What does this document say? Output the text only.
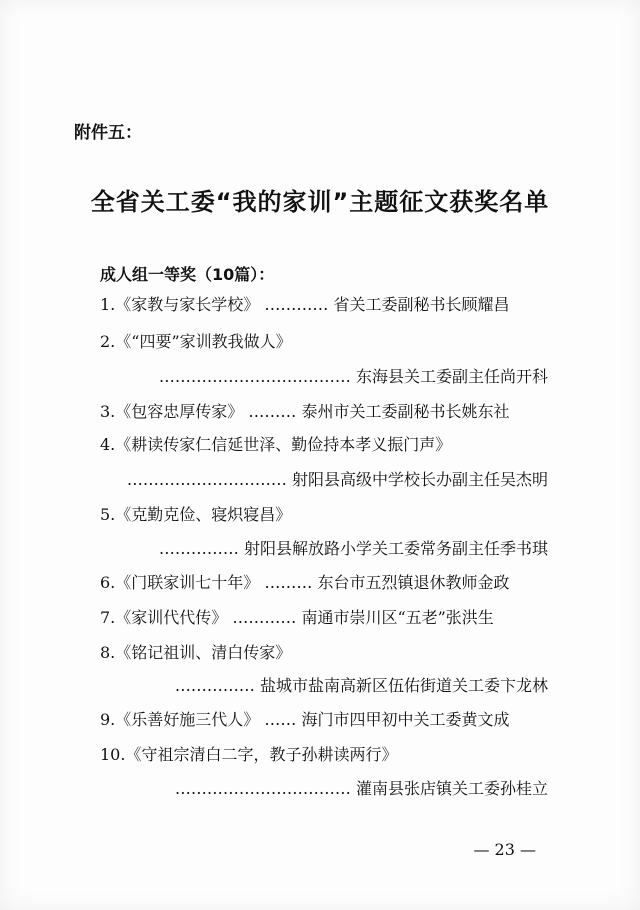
附件五：
全省关工委“我的家训”主题征文获奖名单
成人组一等奖（10篇）：
1.《家教与家长学校》 ………… 省关工委副秘书长顾耀昌
2.《“四要”家训教我做人》
……………………………… 东海县关工委副主任尚开科
3.《包容忠厚传家》 ……… 泰州市关工委副秘书长姚东社
4.《耕读传家仁信延世泽、勤俭持本孝义振门声》
………………………… 射阳县高级中学校长办副主任吴杰明
5.《克勤克俭、寝炽寝昌》
…………… 射阳县解放路小学关工委常务副主任季书琪
6.《门联家训七十年》 ……… 东台市五烈镇退休教师金政
7.《家训代代传》 ………… 南通市崇川区“五老”张洪生
8.《铭记祖训、清白传家》
…………… 盐城市盐南高新区伍佑街道关工委卞龙林
9.《乐善好施三代人》 …… 海门市四甲初中关工委黄文成
10.《守祖宗清白二字，教子孙耕读两行》
…………………………… 灌南县张店镇关工委孙桂立
— 23 —
